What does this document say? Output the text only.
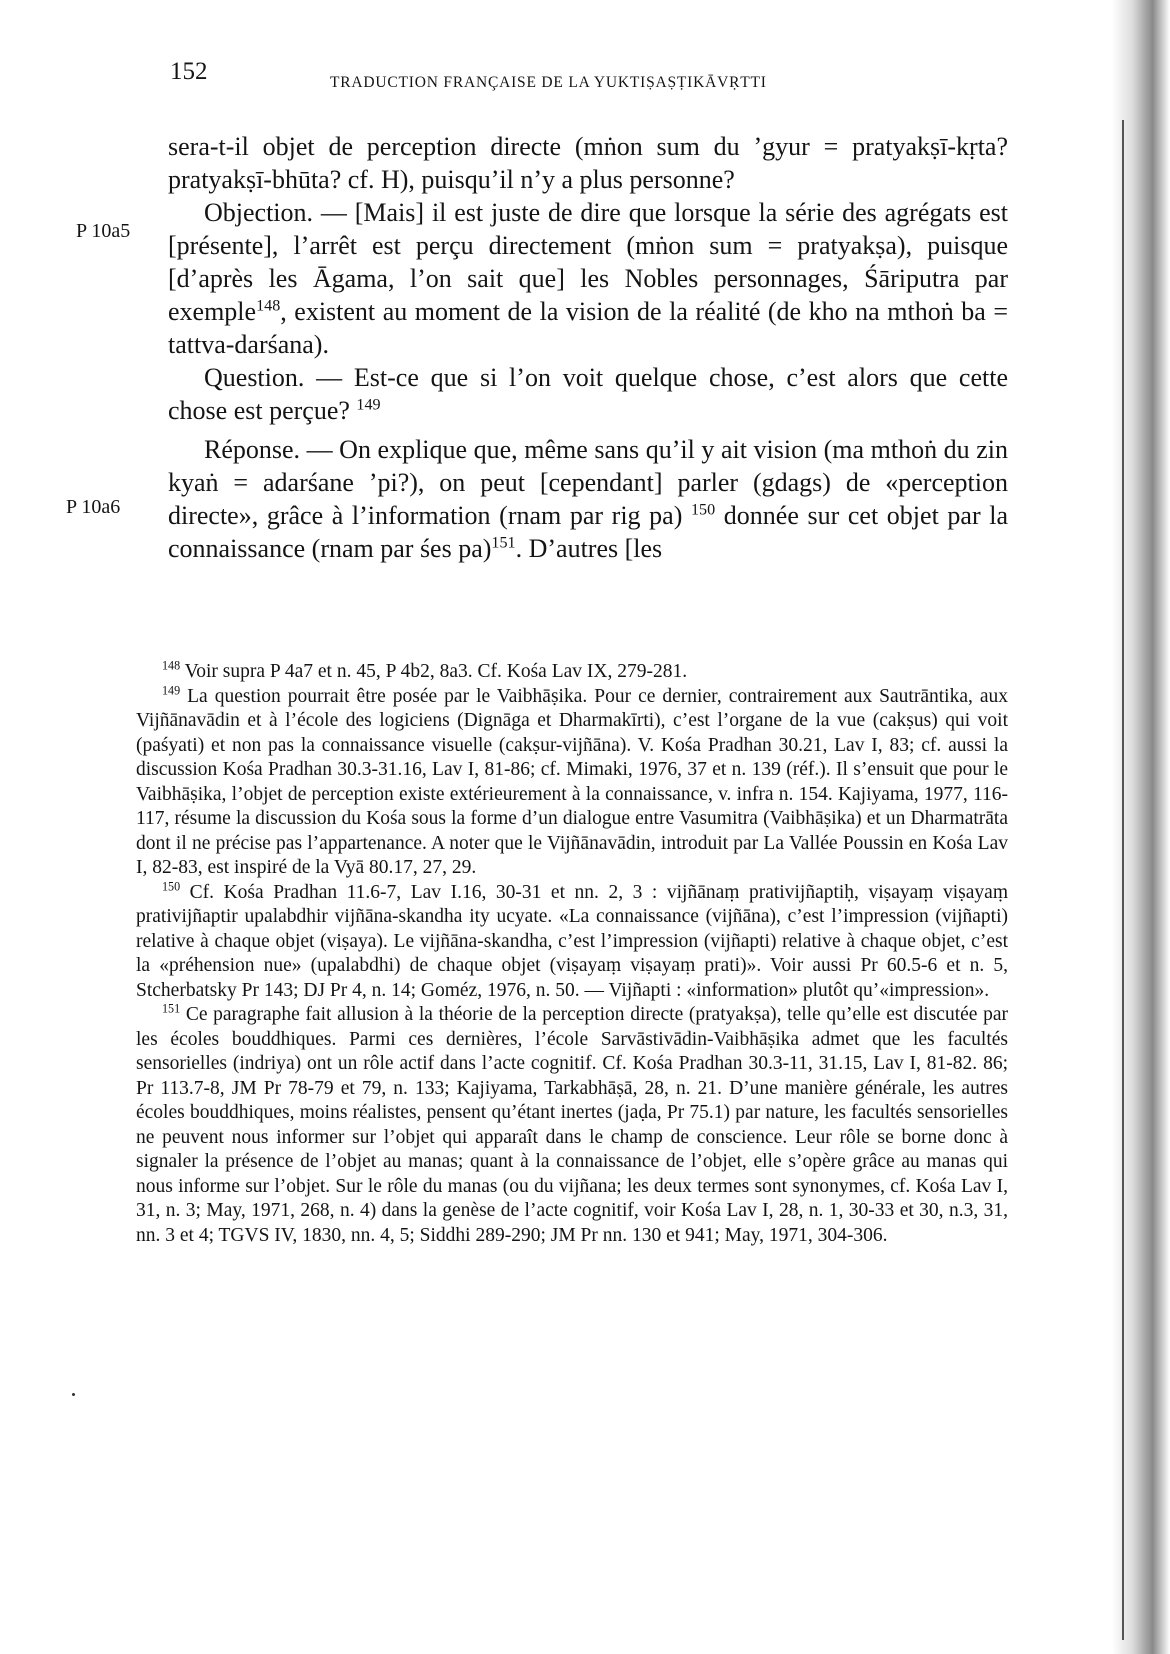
152	TRADUCTION FRANÇAISE DE LA YUKTIṢAṢṬIKĀVṚTTI
P 10a5
P 10a6

sera-t-il objet de perception directe (mṅon sum du ’gyur = pratyakṣī-kṛta? pratyakṣī-bhūta? cf. H), puisqu’il n’y a plus personne?

Objection. — [Mais] il est juste de dire que lorsque la série des agrégats est [présente], l’arrêt est perçu directement (mṅon sum = pratyakṣa), puisque [d’après les Āgama, l’on sait que] les Nobles personnages, Śāriputra par exemple$^{148}$, existent au moment de la vision de la réalité (de kho na mthoṅ ba = tattva-darśana).

Question. — Est-ce que si l’on voit quelque chose, c’est alors que cette chose est perçue? $^{149}$

Réponse. — On explique que, même sans qu’il y ait vision (ma mthoṅ du zin kyaṅ = adarśane ’pi?), on peut [cependant] parler (gdags) de «perception directe», grâce à l’information (rnam par rig pa) $^{150}$ donnée sur cet objet par la connaissance (rnam par śes pa)$^{151}$. D’autres [les

$^{148}$ Voir supra P 4a7 et n. 45, P 4b2, 8a3. Cf. Kośa Lav IX, 279-281.

$^{149}$ La question pourrait être posée par le Vaibhāṣika. Pour ce dernier, contrairement aux Sautrāntika, aux Vijñānavādin et à l’école des logiciens (Dignāga et Dharmakīrti), c’est l’organe de la vue (cakṣus) qui voit (paśyati) et non pas la connaissance visuelle (cakṣur-vijñāna). V. Kośa Pradhan 30.21, Lav I, 83; cf. aussi la discussion Kośa Pradhan 30.3-31.16, Lav I, 81-86; cf. Mimaki, 1976, 37 et n. 139 (réf.). Il s’ensuit que pour le Vaibhāṣika, l’objet de perception existe extérieurement à la connaissance, v. infra n. 154. Kajiyama, 1977, 116-117, résume la discussion du Kośa sous la forme d’un dialogue entre Vasumitra (Vaibhāṣika) et un Dharmatrāta dont il ne précise pas l’appartenance. A noter que le Vijñānavādin, introduit par La Vallée Poussin en Kośa Lav I, 82-83, est inspiré de la Vyā 80.17, 27, 29.

$^{150}$ Cf. Kośa Pradhan 11.6-7, Lav I.16, 30-31 et nn. 2, 3 : vijñānaṃ prativijñaptiḥ, viṣayaṃ viṣayaṃ prativijñaptir upalabdhir vijñāna-skandha ity ucyate. «La connaissance (vijñāna), c’est l’impression (vijñapti) relative à chaque objet (viṣaya). Le vijñāna-skandha, c’est l’impression (vijñapti) relative à chaque objet, c’est la «préhension nue» (upalabdhi) de chaque objet (viṣayaṃ viṣayaṃ prati)». Voir aussi Pr 60.5-6 et n. 5, Stcherbatsky Pr 143; DJ Pr 4, n. 14; Goméz, 1976, n. 50. — Vijñapti : «information» plutôt qu’«impression».

$^{151}$ Ce paragraphe fait allusion à la théorie de la perception directe (pratyakṣa), telle qu’elle est discutée par les écoles bouddhiques. Parmi ces dernières, l’école Sarvāstivādin-Vaibhāṣika admet que les facultés sensorielles (indriya) ont un rôle actif dans l’acte cognitif. Cf. Kośa Pradhan 30.3-11, 31.15, Lav I, 81-82. 86; Pr 113.7-8, JM Pr 78-79 et 79, n. 133; Kajiyama, Tarkabhāṣā, 28, n. 21. D’une manière générale, les autres écoles bouddhiques, moins réalistes, pensent qu’étant inertes (jaḍa, Pr 75.1) par nature, les facultés sensorielles ne peuvent nous informer sur l’objet qui apparaît dans le champ de conscience. Leur rôle se borne donc à signaler la présence de l’objet au manas; quant à la connaissance de l’objet, elle s’opère grâce au manas qui nous informe sur l’objet. Sur le rôle du manas (ou du vijñana; les deux termes sont synonymes, cf. Kośa Lav I, 31, n. 3; May, 1971, 268, n. 4) dans la genèse de l’acte cognitif, voir Kośa Lav I, 28, n. 1, 30-33 et 30, n.3, 31, nn. 3 et 4; TGVS IV, 1830, nn. 4, 5; Siddhi 289-290; JM Pr nn. 130 et 941; May, 1971, 304-306.
